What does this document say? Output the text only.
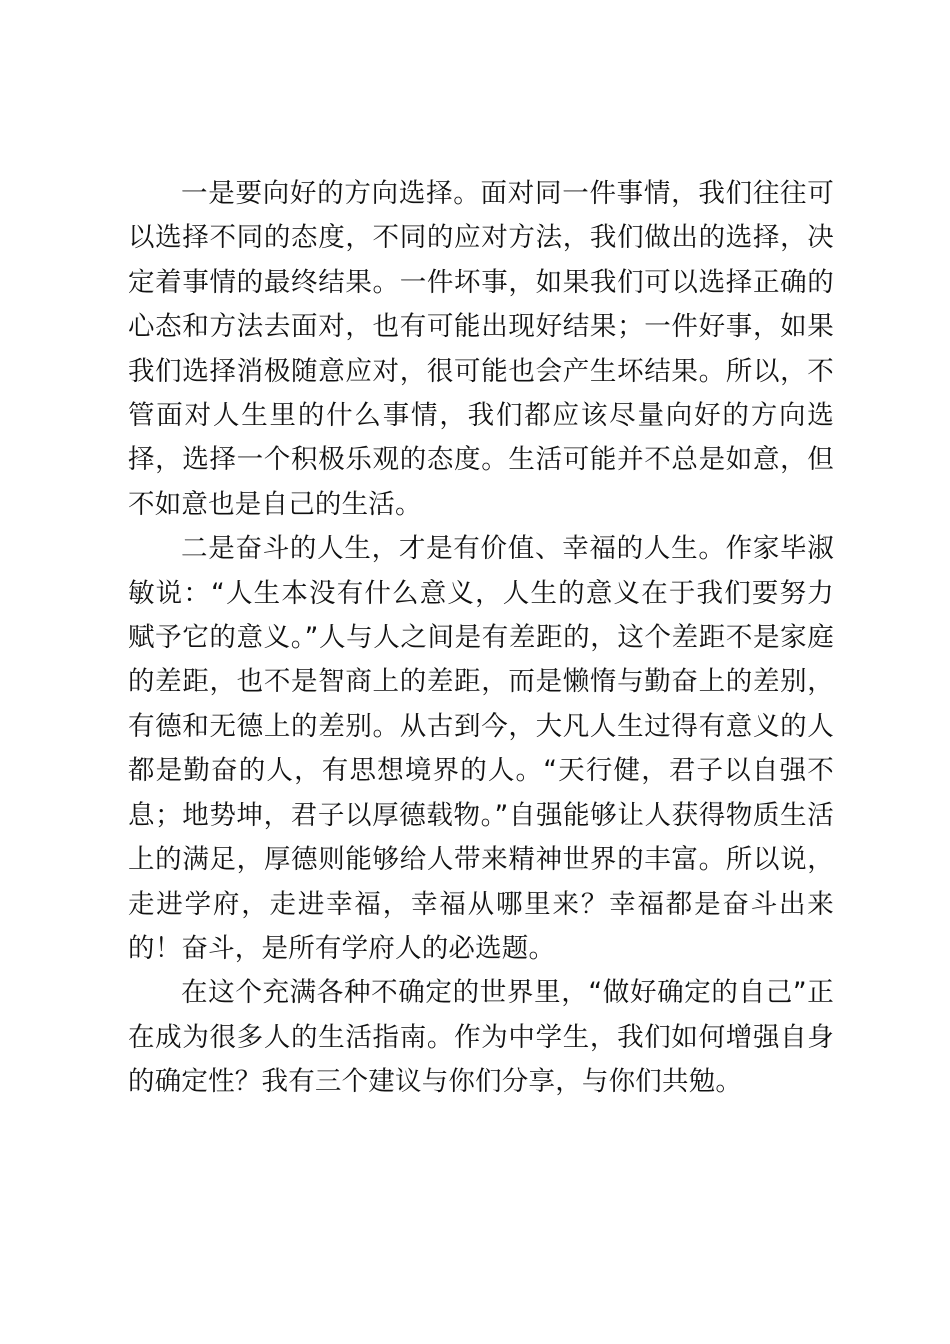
一是要向好的方向选择。面对同一件事情，我们往往可以选择不同的态度，不同的应对方法，我们做出的选择，决定着事情的最终结果。一件坏事，如果我们可以选择正确的心态和方法去面对，也有可能出现好结果；一件好事，如果我们选择消极随意应对，很可能也会产生坏结果。所以，不管面对人生里的什么事情，我们都应该尽量向好的方向选择，选择一个积极乐观的态度。生活可能并不总是如意，但不如意也是自己的生活。

二是奋斗的人生，才是有价值、幸福的人生。作家毕淑敏说：“人生本没有什么意义，人生的意义在于我们要努力赋予它的意义。”人与人之间是有差距的，这个差距不是家庭的差距，也不是智商上的差距，而是懒惰与勤奋上的差别，有德和无德上的差别。从古到今，大凡人生过得有意义的人都是勤奋的人，有思想境界的人。“天行健，君子以自强不息；地势坤，君子以厚德载物。”自强能够让人获得物质生活上的满足，厚德则能够给人带来精神世界的丰富。所以说，走进学府，走进幸福，幸福从哪里来？幸福都是奋斗出来的！奋斗，是所有学府人的必选题。

在这个充满各种不确定的世界里，“做好确定的自己”正在成为很多人的生活指南。作为中学生，我们如何增强自身的确定性？我有三个建议与你们分享，与你们共勉。
